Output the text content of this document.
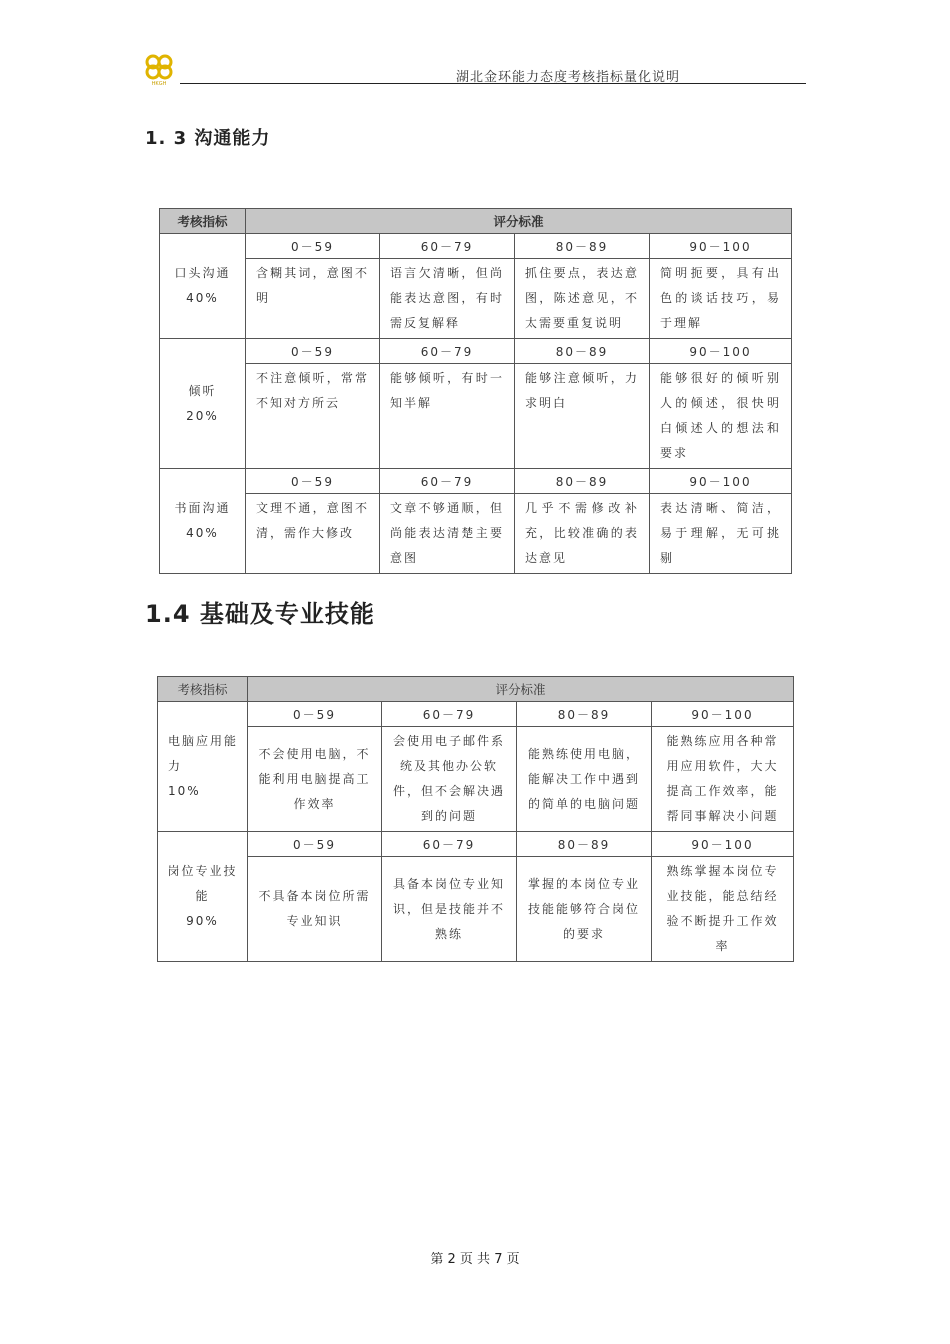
HKGH	湖北金环能力态度考核指标量化说明
1. 3 沟通能力
考核指标	评分标准			

口头沟通
40%	0－59	60－79	80－89	90－100
	含糊其词，意图不明	语言欠清晰，但尚能表达意图，有时需反复解释	抓住要点，表达意图，陈述意见，不太需要重复说明	简明扼要，具有出色的谈话技巧，易于理解

倾听
20%	0－59	60－79	80－89	90－100
	不注意倾听，常常不知对方所云	能够倾听，有时一知半解	能够注意倾听，力求明白	能够很好的倾听别人的倾述，很快明白倾述人的想法和要求

书面沟通
40%	0－59	60－79	80－89	90－100
	文理不通，意图不清，需作大修改	文章不够通顺，但尚能表达清楚主要意图	几乎不需修改补充，比较准确的表达意见	表达清晰、简洁，易于理解，无可挑剔
1.4 基础及专业技能
考核指标	评分标准			

电脑应用能力
10%	0－59	60－79	80－89	90－100
	不会使用电脑，不能利用电脑提高工作效率	会使用电子邮件系统及其他办公软件，但不会解决遇到的问题	能熟练使用电脑，能解决工作中遇到的简单的电脑问题	能熟练应用各种常用应用软件，大大提高工作效率，能帮同事解决小问题

岗位专业技能
90%	0－59	60－79	80－89	90－100
	不具备本岗位所需专业知识	具备本岗位专业知识，但是技能并不熟练	掌握的本岗位专业技能能够符合岗位的要求	熟练掌握本岗位专业技能，能总结经验不断提升工作效率
第 2 页 共 7 页
